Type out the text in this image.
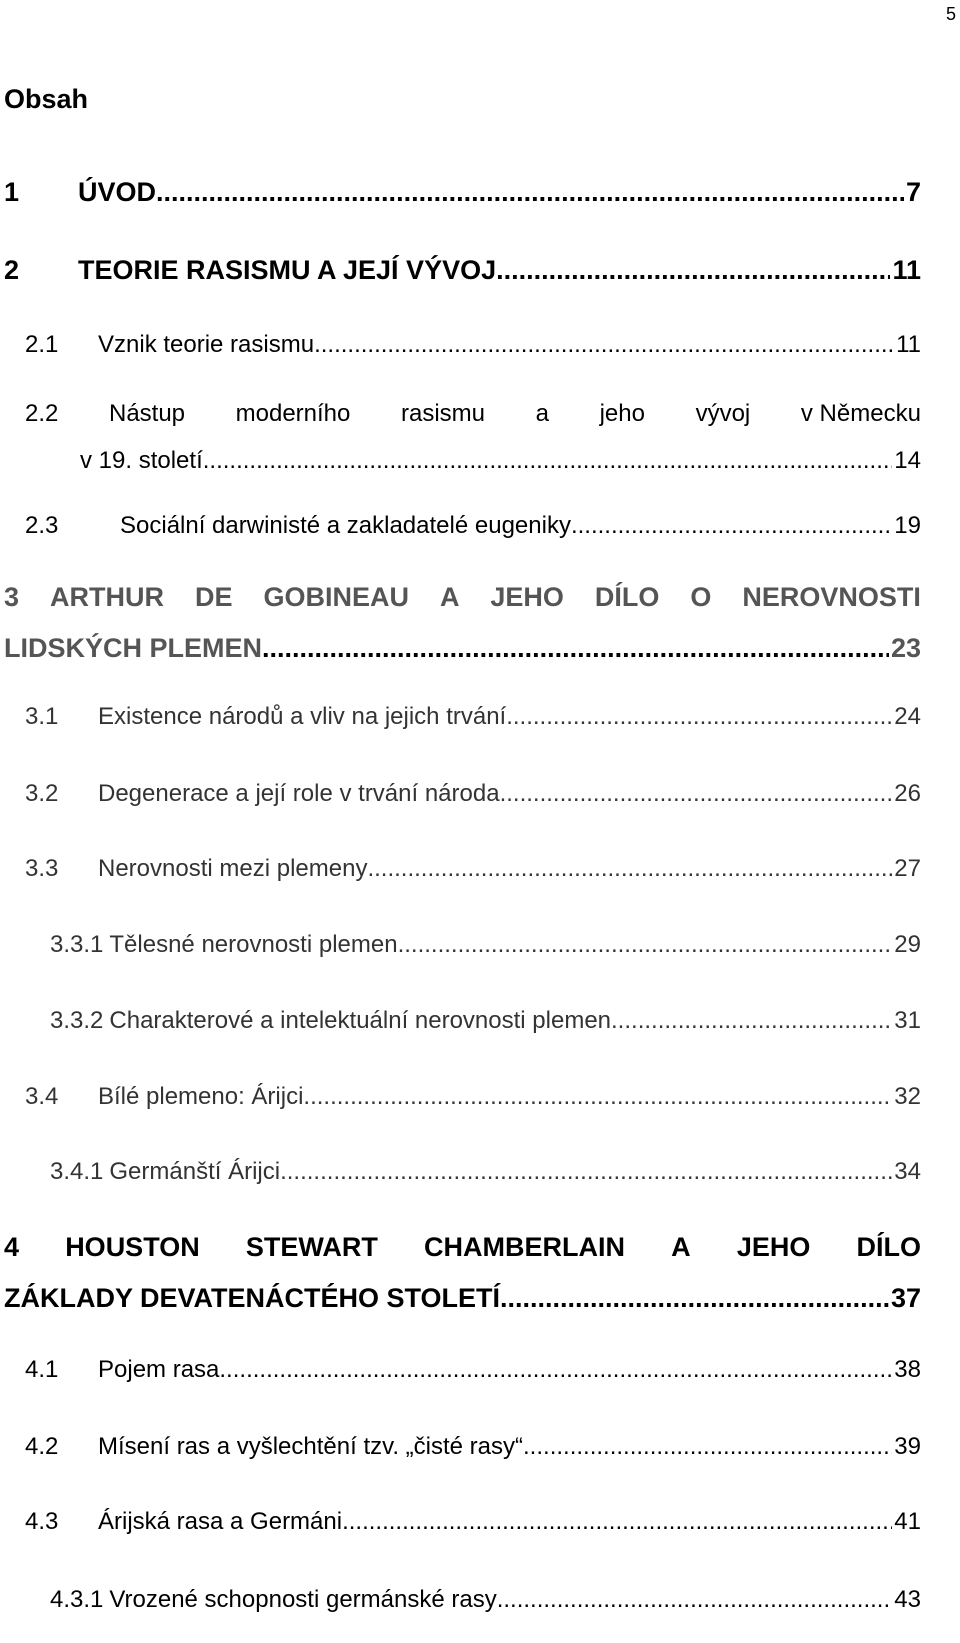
5
Obsah
1	ÚVOD .....	7
2	TEORIE RASISMU A JEJÍ VÝVOJ .....	11
2.1	Vznik teorie rasismu .....	11
2.2 Nástup moderního rasismu a jeho vývoj v Německu
v 19. století .....	14
2.3	Sociální darwinisté a zakladatelé eugeniky .....	19
3 ARTHUR DE GOBINEAU A JEHO DÍLO O NEROVNOSTI
LIDSKÝCH PLEMEN .....	23
3.1	Existence národů a vliv na jejich trvání .....	24
3.2	Degenerace a její role v trvání národa .....	26
3.3	Nerovnosti mezi plemeny .....	27
3.3.1 Tělesné nerovnosti plemen .....	29
3.3.2 Charakterové a intelektuální nerovnosti plemen .....	31
3.4	Bílé plemeno: Árijci .....	32
3.4.1 Germánští Árijci .....	34
4 HOUSTON STEWART CHAMBERLAIN A JEHO DÍLO
ZÁKLADY DEVATENÁCTÉHO STOLETÍ .....	37
4.1	Pojem rasa .....	38
4.2	Mísení ras a vyšlechtění tzv. „čisté rasy“ .....	39
4.3	Árijská rasa a Germáni .....	41
4.3.1 Vrozené schopnosti germánské rasy .....	43
